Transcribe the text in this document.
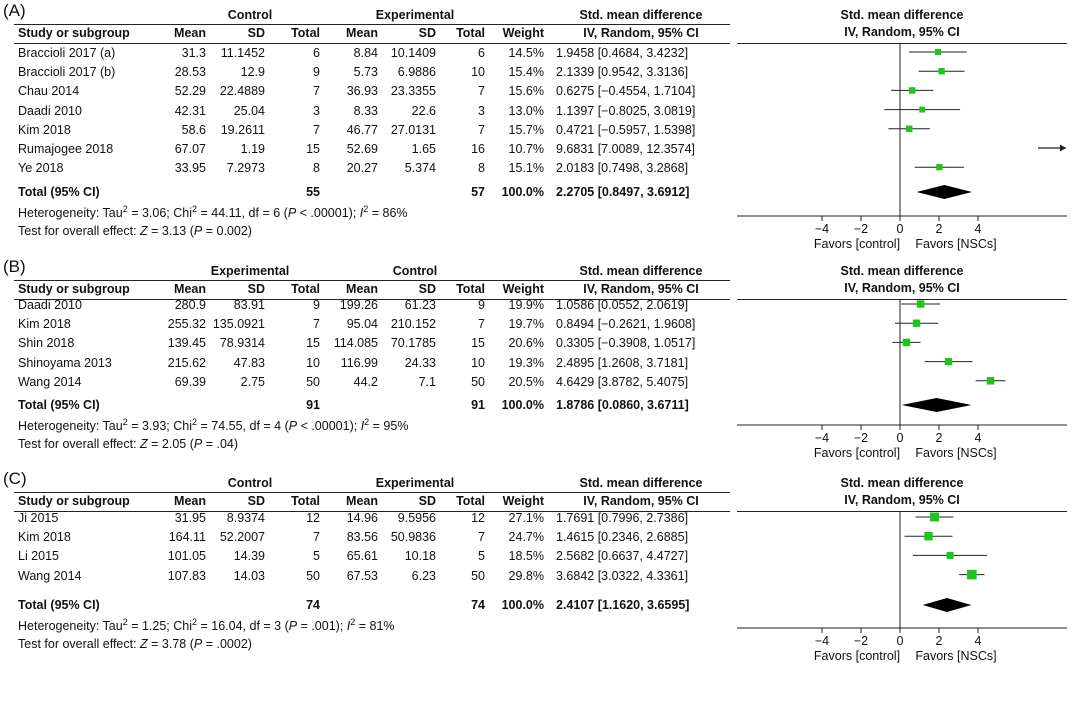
(A)	Control	Experimental	Std. mean difference	Std. mean difference
IV, Random, 95% CI
Study or subgroup	Mean	SD	Total	Mean	SD	Total	Weight	IV, Random, 95% CI
Braccioli 2017 (a)	31.3	11.1452	6	8.84	10.1409	6	14.5% 1.9458 [0.4684, 3.4232]
Braccioli 2017 (b)	28.53	12.9	9	5.73	6.9886	10	15.4% 2.1339 [0.9542, 3.3136]
Chau 2014	52.29	22.4889	7	36.93	23.3355	7	15.6% 0.6275 [−0.4554, 1.7104]
Daadi 2010	42.31	25.04	3	8.33	22.6	3	13.0% 1.1397 [−0.8025, 3.0819]
Kim 2018	58.6	19.2611	7	46.77	27.0131	7	15.7% 0.4721 [−0.5957, 1.5398]
Rumajogee 2018	67.07	1.19	15	52.69	1.65	16	10.7% 9.6831 [7.0089, 12.3574]
Ye 2018	33.95	7.2973	8	20.27	5.374	8	15.1% 2.0183 [0.7498, 3.2868]
Total (95% CI)	55	57	100.0% 2.2705 [0.8497, 3.6912]
Heterogeneity: Tau$^2$ = 3.06; Chi$^2$ = 44.11, df = 6 (P < .00001); $I^2 = 86\%$
Test for overall effect: Z = 3.13 (P = 0.002)	−4 −2 0	2	4
Favors [control] Favors [NSCs]
(B)	Experimental	Control	Std. mean difference	Std. mean difference
IV, Random, 95% CI
Study or subgroup	Mean	SD	Total	Mean	SD	Total	Weight	IV, Random, 95% CI
Daadi 2010	280.9	83.91	9	199.26	61.23	9	19.9% 1.0586 [0.0552, 2.0619]
Kim 2018	255.32 135.0921	7	95.04	210.152	7	19.7% 0.8494 [−0.2621, 1.9608]
Shin 2018	139.45	78.9314	15	114.085	70.1785	15	20.6% 0.3305 [−0.3908, 1.0517]
Shinoyama 2013	215.62	47.83	10	116.99	24.33	10	19.3% 2.4895 [1.2608, 3.7181]
Wang 2014	69.39	2.75	50	44.2	7.1	50	20.5% 4.6429 [3.8782, 5.4075]
Total (95% CI)	91	91	100.0% 1.8786 [0.0860, 3.6711]
Heterogeneity: Tau$^2$ = 3.93; Chi$^2$ = 74.55, df = 4 (P < .00001); $I^2 = 95\%$
Test for overall effect: Z = 2.05 (P = .04)	−4 −2 0	2	4
Favors [control] Favors [NSCs]
(C)	Control	Experimental	Std. mean difference	Std. mean difference
IV, Random, 95% CI
Study or subgroup	Mean	SD	Total	Mean	SD	Total	Weight	IV, Random, 95% CI
Ji 2015	31.95	8.9374	12	14.96	9.5956	12	27.1% 1.7691 [0.7996, 2.7386]
Kim 2018	164.11	52.2007	7	83.56	50.9836	7	24.7% 1.4615 [0.2346, 2.6885]
Li 2015	101.05	14.39	5	65.61	10.18	5	18.5% 2.5682 [0.6637, 4.4727]
Wang 2014	107.83	14.03	50	67.53	6.23	50	29.8% 3.6842 [3.0322, 4.3361]
Total (95% CI)	74	74	100.0% 2.4107 [1.1620, 3.6595]
Heterogeneity: Tau$^2$ = 1.25; Chi$^2$ = 16.04, df = 3 (P = .001); $I^2 = 81\%$
Test for overall effect: Z = 3.78 (P = .0002)	−4 −2 0	2	4
Favors [control] Favors [NSCs]
